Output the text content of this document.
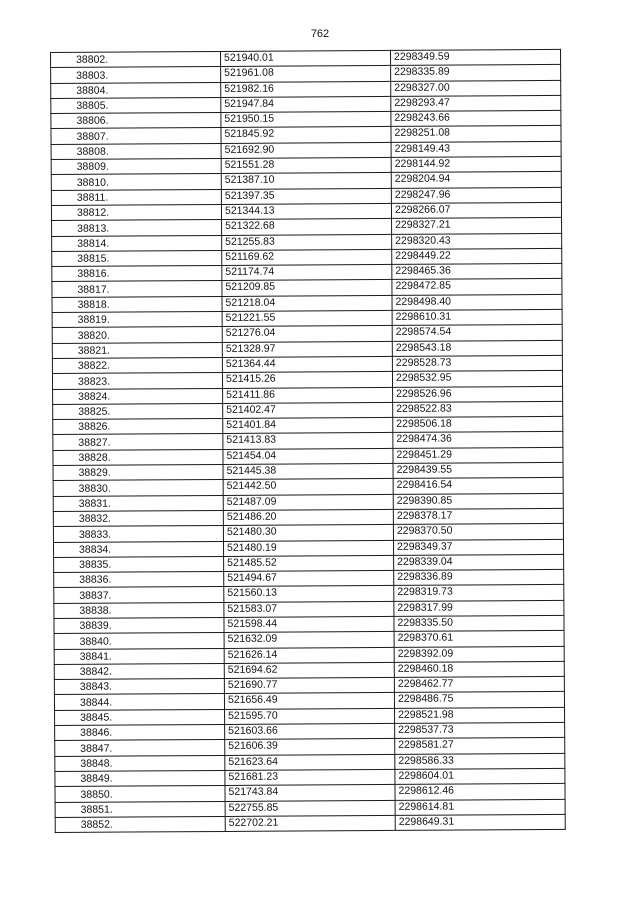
762
38802.	521940.01	2298349.59
38803.	521961.08	2298335.89
38804.	521982.16	2298327.00
38805.	521947.84	2298293.47
38806.	521950.15	2298243.66
38807.	521845.92	2298251.08
38808.	521692.90	2298149.43
38809.	521551.28	2298144.92
38810.	521387.10	2298204.94
38811.	521397.35	2298247.96
38812.	521344.13	2298266.07
38813.	521322.68	2298327.21
38814.	521255.83	2298320.43
38815.	521169.62	2298449.22
38816.	521174.74	2298465.36
38817.	521209.85	2298472.85
38818.	521218.04	2298498.40
38819.	521221.55	2298610.31
38820.	521276.04	2298574.54
38821.	521328.97	2298543.18
38822.	521364.44	2298528.73
38823.	521415.26	2298532.95
38824.	521411.86	2298526.96
38825.	521402.47	2298522.83
38826.	521401.84	2298506.18
38827.	521413.83	2298474.36
38828.	521454.04	2298451.29
38829.	521445.38	2298439.55
38830.	521442.50	2298416.54
38831.	521487.09	2298390.85
38832.	521486.20	2298378.17
38833.	521480.30	2298370.50
38834.	521480.19	2298349.37
38835.	521485.52	2298339.04
38836.	521494.67	2298336.89
38837.	521560.13	2298319.73
38838.	521583.07	2298317.99
38839.	521598.44	2298335.50
38840.	521632.09	2298370.61
38841.	521626.14	2298392.09
38842.	521694.62	2298460.18
38843.	521690.77	2298462.77
38844.	521656.49	2298486.75
38845.	521595.70	2298521.98
38846.	521603.66	2298537.73
38847.	521606.39	2298581.27
38848.	521623.64	2298586.33
38849.	521681.23	2298604.01
38850.	521743.84	2298612.46
38851.	522755.85	2298614.81
38852.	522702.21	2298649.31
